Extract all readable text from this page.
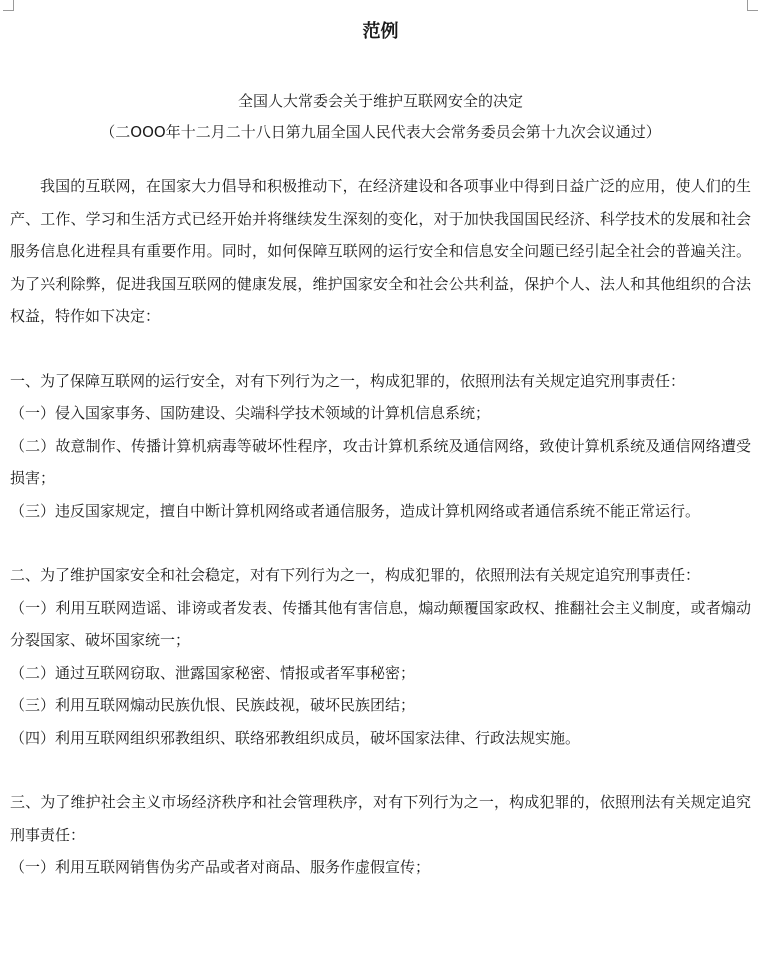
范例

全国人大常委会关于维护互联网安全的决定

（二OOO年十二月二十八日第九届全国人民代表大会常务委员会第十九次会议通过）

我国的互联网，在国家大力倡导和积极推动下，在经济建设和各项事业中得到日益广泛的应用，使人们的生产、工作、学习和生活方式已经开始并将继续发生深刻的变化，对于加快我国国民经济、科学技术的发展和社会服务信息化进程具有重要作用。同时，如何保障互联网的运行安全和信息安全问题已经引起全社会的普遍关注。为了兴利除弊，促进我国互联网的健康发展，维护国家安全和社会公共利益，保护个人、法人和其他组织的合法权益，特作如下决定：

一、为了保障互联网的运行安全，对有下列行为之一，构成犯罪的，依照刑法有关规定追究刑事责任：

（一）侵入国家事务、国防建设、尖端科学技术领域的计算机信息系统；

（二）故意制作、传播计算机病毒等破坏性程序，攻击计算机系统及通信网络，致使计算机系统及通信网络遭受损害；

（三）违反国家规定，擅自中断计算机网络或者通信服务，造成计算机网络或者通信系统不能正常运行。

二、为了维护国家安全和社会稳定，对有下列行为之一，构成犯罪的，依照刑法有关规定追究刑事责任：

（一）利用互联网造谣、诽谤或者发表、传播其他有害信息，煽动颠覆国家政权、推翻社会主义制度，或者煽动分裂国家、破坏国家统一；

（二）通过互联网窃取、泄露国家秘密、情报或者军事秘密；

（三）利用互联网煽动民族仇恨、民族歧视，破坏民族团结；

（四）利用互联网组织邪教组织、联络邪教组织成员，破坏国家法律、行政法规实施。

三、为了维护社会主义市场经济秩序和社会管理秩序，对有下列行为之一，构成犯罪的，依照刑法有关规定追究刑事责任：

（一）利用互联网销售伪劣产品或者对商品、服务作虚假宣传；
